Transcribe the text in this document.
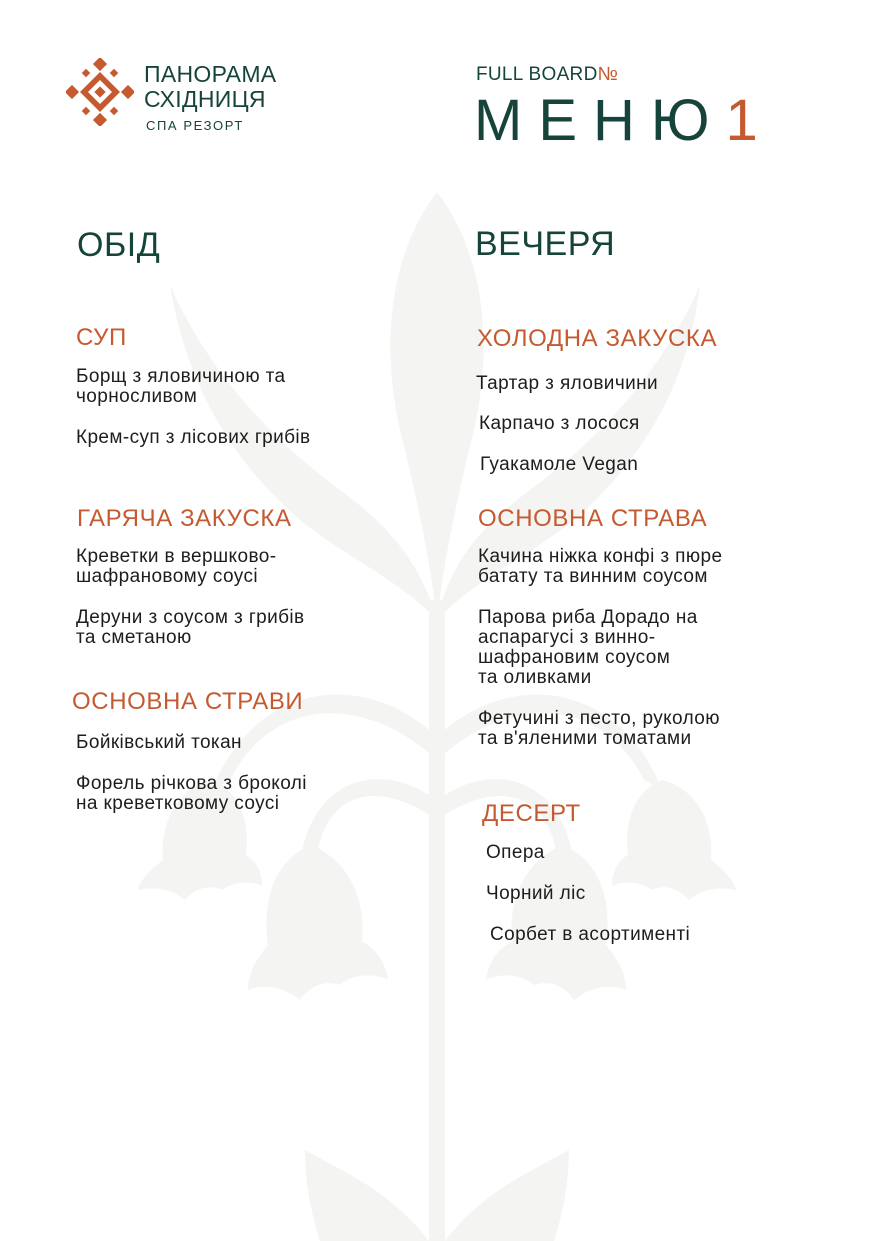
ПАНОРАМА
СХІДНИЦЯ
СПА РЕЗОРТ
FULL BOARD№
МЕНЮ1
ОБІД
СУП
Борщ з яловичиною та
чорносливом
Крем-суп з лісових грибів
ГАРЯЧА ЗАКУСКА
Креветки в вершково-
шафрановому соусі
Деруни з соусом з грибів
та сметаною
ОСНОВНА СТРАВИ
Бойківський токан
Форель річкова з броколі
на креветковому соусі
ВЕЧЕРЯ
ХОЛОДНА ЗАКУСКА
Тартар з яловичини
Карпачо з лосося
Гуакамоле Vegan
ОСНОВНА СТРАВА
Качина ніжка конфі з пюре
батату та винним соусом
Парова риба Дорадо на
аспарагусі з винно-
шафрановим соусом
та оливками
Фетучині з песто, руколою
та в'яленими томатами
ДЕСЕРТ
Опера
Чорний ліс
Сорбет в асортименті
